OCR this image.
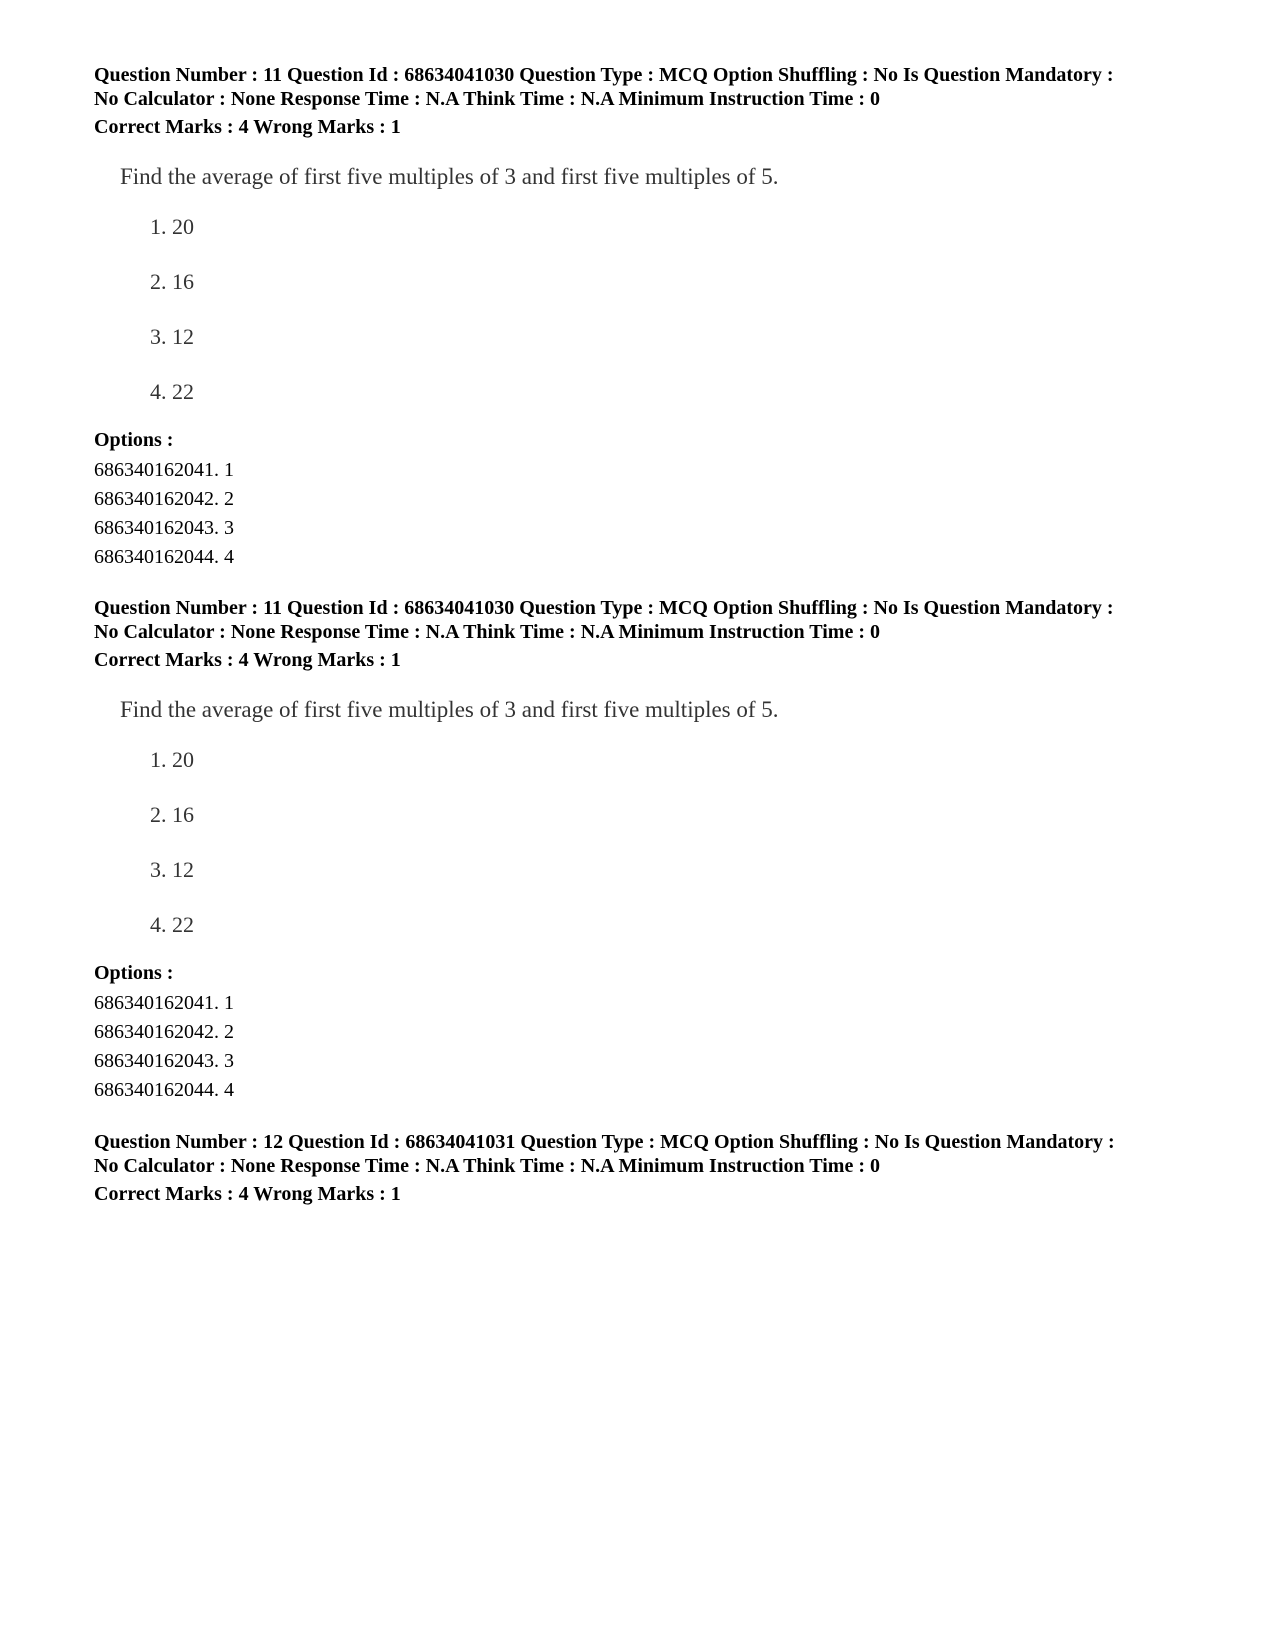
Question Number : 11 Question Id : 68634041030 Question Type : MCQ Option Shuffling : No Is Question Mandatory :

No Calculator : None Response Time : N.A Think Time : N.A Minimum Instruction Time : 0

Correct Marks : 4 Wrong Marks : 1
Find the average of first five multiples of 3 and first five multiples of 5.
1. 20
2. 16
3. 12
4. 22
Options :
686340162041. 1
686340162042. 2
686340162043. 3
686340162044. 4

Question Number : 11 Question Id : 68634041030 Question Type : MCQ Option Shuffling : No Is Question Mandatory :

No Calculator : None Response Time : N.A Think Time : N.A Minimum Instruction Time : 0

Correct Marks : 4 Wrong Marks : 1
Find the average of first five multiples of 3 and first five multiples of 5.
1. 20
2. 16
3. 12
4. 22
Options :
686340162041. 1
686340162042. 2
686340162043. 3
686340162044. 4

Question Number : 12 Question Id : 68634041031 Question Type : MCQ Option Shuffling : No Is Question Mandatory :

No Calculator : None Response Time : N.A Think Time : N.A Minimum Instruction Time : 0

Correct Marks : 4 Wrong Marks : 1
